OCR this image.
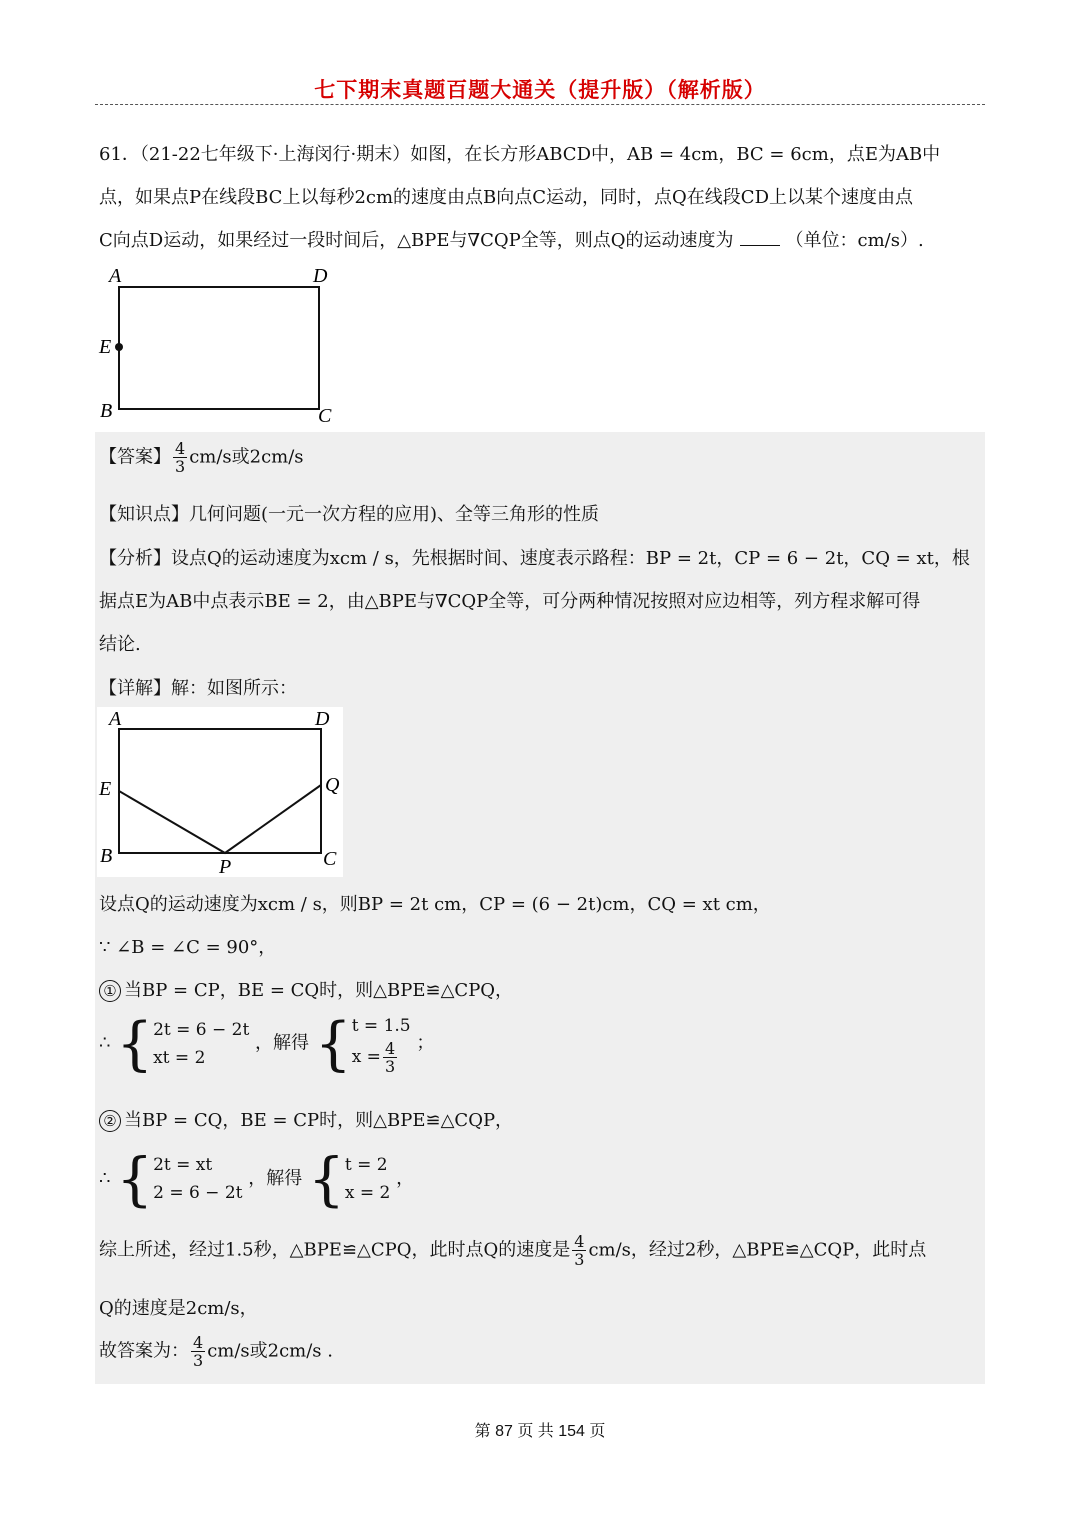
七下期末真题百题大通关（提升版）（解析版）
61．（21-22七年级下·上海闵行·期末）如图，在长方形ABCD中，AB = 4cm，BC = 6cm，点E为AB中
点，如果点P在线段BC上以每秒2cm的速度由点B向点C运动，同时，点Q在线段CD上以某个速度由点
C向点D运动，如果经过一段时间后，△BPE与∇CQP全等，则点Q的运动速度为	（单位：cm/s）.
A	D
E
B	C
【答案】 $\frac{4}{3} cm/s$或2cm/s
【知识点】几何问题(一元一次方程的应用)、全等三角形的性质
【分析】设点Q的运动速度为xcm / s，先根据时间、速度表示路程：BP = 2t，CP = 6 − 2t，CQ = xt，根
据点E为AB中点表示BE = 2，由△BPE与∇CQP全等，可分两种情况按照对应边相等，列方程求解可得
结论.
【详解】解：如图所示：
A	D
E	Q
B	P	C
设点Q的运动速度为xcm / s，则BP = 2t cm，CP = (6 − 2t)cm，CQ = xt cm，
∵ ∠B = ∠C = 90°，
① 当BP = CP，BE = CQ时，则△BPE≌△CPQ，
∴ { 2t = 6 − 2t
xt = 2
，解得 { t = 1.5
$x = \frac{4}{3}$ ；
② 当BP = CQ，BE = CP时，则△BPE≌△CQP，
∴ { 2t = xt
2 = 6 − 2t
，解得 { t = 2
x = 2
，
综上所述，经过1.5秒，△BPE≌△CPQ，此时点Q的速度是 $\frac{4}{3} cm/s$，经过2秒，△BPE≌△CQP，此时点
Q的速度是2cm/s，
故答案为： $\frac{4}{3} cm/s$或2cm/s .
第 87 页 共 154 页
